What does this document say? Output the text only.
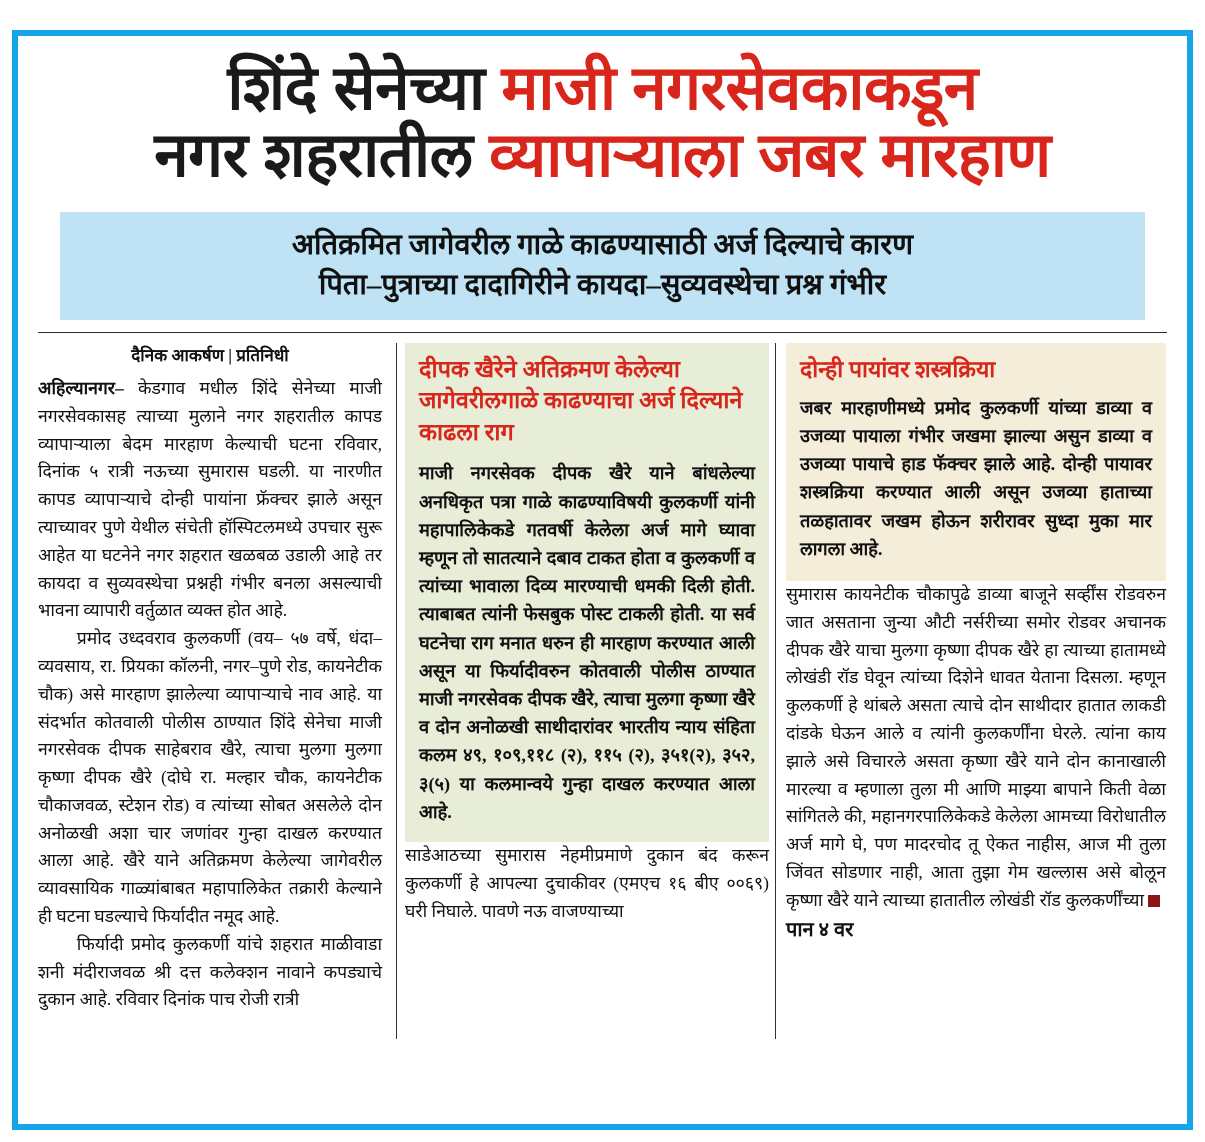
शिंदे सेनेच्या माजी नगरसेवकाकडून
नगर शहरातील व्यापाऱ्याला जबर मारहाण
अतिक्रमित जागेवरील गाळे काढण्यासाठी अर्ज दिल्याचे कारण
पिता–पुत्राच्या दादागिरीने कायदा–सुव्यवस्थेचा प्रश्न गंभीर
दैनिक आकर्षण | प्रतिनिधी

अहिल्यानगर– केडगाव मधील शिंदे सेनेच्या माजी नगरसेवकासह त्याच्या मुलाने नगर शहरातील कापड व्यापाऱ्याला बेदम मारहाण केल्याची घटना रविवार, दिनांक ५ रात्री नऊच्या सुमारास घडली. या नारणीत कापड व्यापाऱ्याचे दोन्ही पायांना फ्रॅक्चर झाले असून त्याच्यावर पुणे येथील संचेती हॉस्पिटलमध्ये उपचार सुरू आहेत या घटनेने नगर शहरात खळबळ उडाली आहे तर कायदा व सुव्यवस्थेचा प्रश्नही गंभीर बनला असल्याची भावना व्यापारी वर्तुळात व्यक्त होत आहे.

प्रमोद उध्दवराव कुलकर्णी (वय– ५७ वर्षे, धंदा–व्यवसाय, रा. प्रियका कॉलनी, नगर–पुणे रोड, कायनेटीक चौक) असे मारहाण झालेल्या व्यापाऱ्याचे नाव आहे. या संदर्भात कोतवाली पोलीस ठाण्यात शिंदे सेनेचा माजी नगरसेवक दीपक साहेबराव खैरे, त्याचा मुलगा मुलगा कृष्णा दीपक खैरे (दोघे रा. मल्हार चौक, कायनेटीक चौकाजवळ, स्टेशन रोड) व त्यांच्या सोबत असलेले दोन अनोळखी अशा चार जणांवर गुन्हा दाखल करण्यात आला आहे. खैरे याने अतिक्रमण केलेल्या जागेवरील व्यावसायिक गाळ्यांबाबत महापालिकेत तक्रारी केल्याने ही घटना घडल्याचे फिर्यादीत नमूद आहे.

फिर्यादी प्रमोद कुलकर्णी यांचे शहरात माळीवाडा शनी मंदीराजवळ श्री दत्त कलेक्शन नावाने कपड्याचे दुकान आहे. रविवार दिनांक पाच रोजी रात्री

दीपक खैरेने अतिक्रमण केलेल्या जागेवरीलगाळे काढण्याचा अर्ज दिल्याने काढला राग

माजी नगरसेवक दीपक खैरे याने बांधलेल्या अनधिकृत पत्रा गाळे काढण्याविषयी कुलकर्णी यांनी महापालिकेकडे गतवर्षी केलेला अर्ज मागे घ्यावा म्हणून तो सातत्याने दबाव टाकत होता व कुलकर्णी व त्यांच्या भावाला दिव्य मारण्याची धमकी दिली होती. त्याबाबत त्यांनी फेसबुक पोस्ट टाकली होती. या सर्व घटनेचा राग मनात धरुन ही मारहाण करण्यात आली असून या फिर्यादीवरुन कोतवाली पोलीस ठाण्यात माजी नगरसेवक दीपक खैरे, त्याचा मुलगा कृष्णा खैरे व दोन अनोळखी साथीदारांवर भारतीय न्याय संहिता कलम ४९, १०९,११८ (२), ११५ (२), ३५१(२), ३५२, ३(५) या कलमान्वये गुन्हा दाखल करण्यात आला आहे.

साडेआठच्या सुमारास नेहमीप्रमाणे दुकान बंद करून कुलकर्णी हे आपल्या दुचाकीवर (एमएच १६ बीए ००६९) घरी निघाले. पावणे नऊ वाजण्याच्या

दोन्ही पायांवर शस्त्रक्रिया

जबर मारहाणीमध्ये प्रमोद कुलकर्णी यांच्या डाव्या व उजव्या पायाला गंभीर जखमा झाल्या असुन डाव्या व उजव्या पायाचे हाड फॅक्चर झाले आहे. दोन्ही पायावर शस्त्रक्रिया करण्यात आली असून उजव्या हाताच्या तळहातावर जखम होऊन शरीरावर सुध्दा मुका मार लागला आहे.

सुमारास कायनेटीक चौकापुढे डाव्या बाजूने सर्व्हींस रोडवरुन जात असताना जुन्या औटी नर्सरीच्या समोर रोडवर अचानक दीपक खैरे याचा मुलगा कृष्णा दीपक खैरे हा त्याच्या हातामध्ये लोखंडी रॉड घेवून त्यांच्या दिशेने धावत येताना दिसला. म्हणून कुलकर्णी हे थांबले असता त्याचे दोन साथीदार हातात लाकडी दांडके घेऊन आले व त्यांनी कुलकर्णींना घेरले. त्यांना काय झाले असे विचारले असता कृष्णा खैरे याने दोन कानाखाली मारल्या व म्हणाला तुला मी आणि माझ्या बापाने किती वेळा सांगितले की, महानगरपालिकेकडे केलेला आमच्या विरोधातील अर्ज मागे घे, पण मादरचोद तू ऐकत नाहीस, आज मी तुला जिंवत सोडणार नाही, आता तुझा गेम खल्लास असे बोलून कृष्णा खैरे याने त्याच्या हातातील लोखंडी रॉड कुलकर्णींच्यापान ४ वर
